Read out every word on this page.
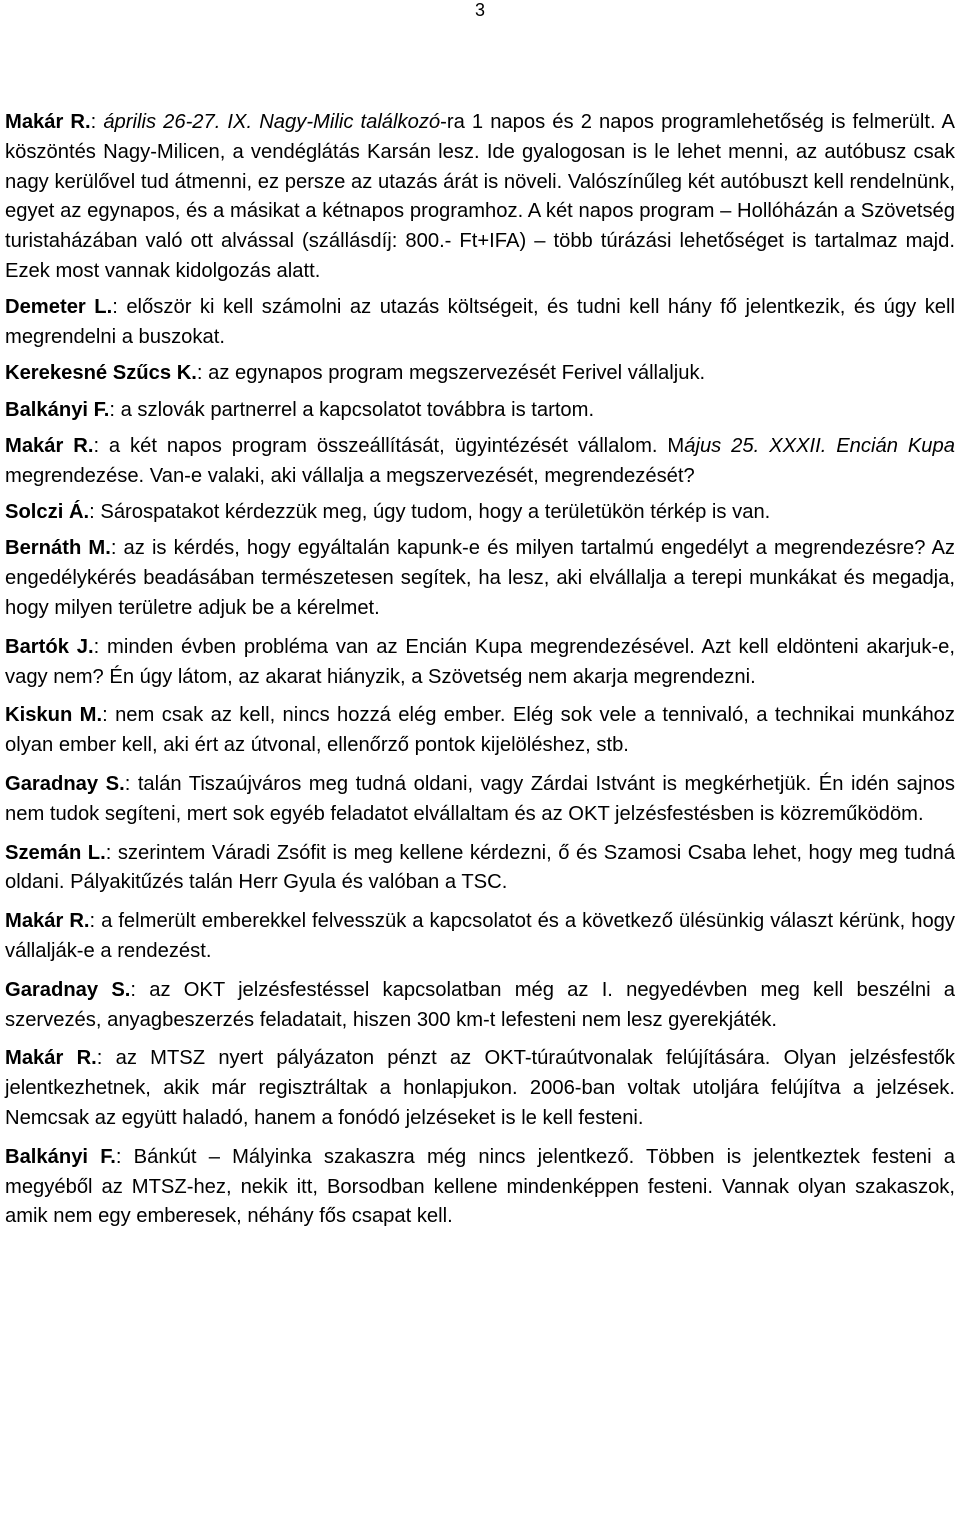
3

Makár R.: április 26-27. IX. Nagy-Milic találkozó-ra 1 napos és 2 napos programlehetőség is felmerült. A köszöntés Nagy-Milicen, a vendéglátás Karsán lesz. Ide gyalogosan is le lehet menni, az autóbusz csak nagy kerülővel tud átmenni, ez persze az utazás árát is növeli. Valószínűleg két autóbuszt kell rendelnünk, egyet az egynapos, és a másikat a kétnapos programhoz. A két napos program – Hollóházán a Szövetség turistaházában való ott alvással (szállásdíj: 800.- Ft+IFA) – több túrázási lehetőséget is tartalmaz majd. Ezek most vannak kidolgozás alatt.

Demeter L.: először ki kell számolni az utazás költségeit, és tudni kell hány fő jelentkezik, és úgy kell megrendelni a buszokat.

Kerekesné Szűcs K.: az egynapos program megszervezését Ferivel vállaljuk.

Balkányi F.: a szlovák partnerrel a kapcsolatot továbbra is tartom.

Makár R.: a két napos program összeállítását, ügyintézését vállalom. Május 25. XXXII. Encián Kupa megrendezése. Van-e valaki, aki vállalja a megszervezését, megrendezését?

Solczi Á.: Sárospatakot kérdezzük meg, úgy tudom, hogy a területükön térkép is van.

Bernáth M.: az is kérdés, hogy egyáltalán kapunk-e és milyen tartalmú engedélyt a megrendezésre? Az engedélykérés beadásában természetesen segítek, ha lesz, aki elvállalja a terepi munkákat és megadja, hogy milyen területre adjuk be a kérelmet.

Bartók J.: minden évben probléma van az Encián Kupa megrendezésével. Azt kell eldönteni akarjuk-e, vagy nem? Én úgy látom, az akarat hiányzik, a Szövetség nem akarja megrendezni.

Kiskun M.: nem csak az kell, nincs hozzá elég ember. Elég sok vele a tennivaló, a technikai munkához olyan ember kell, aki ért az útvonal, ellenőrző pontok kijelöléshez, stb.

Garadnay S.: talán Tiszaújváros meg tudná oldani, vagy Zárdai Istvánt is megkérhetjük. Én idén sajnos nem tudok segíteni, mert sok egyéb feladatot elvállaltam és az OKT jelzésfestésben is közreműködöm.

Szemán L.: szerintem Váradi Zsófit is meg kellene kérdezni, ő és Szamosi Csaba lehet, hogy meg tudná oldani. Pályakitűzés talán Herr Gyula és valóban a TSC.

Makár R.: a felmerült emberekkel felvesszük a kapcsolatot és a következő ülésünkig választ kérünk, hogy vállalják-e a rendezést.

Garadnay S.: az OKT jelzésfestéssel kapcsolatban még az I. negyedévben meg kell beszélni a szervezés, anyagbeszerzés feladatait, hiszen 300 km-t lefesteni nem lesz gyerekjáték.

Makár R.: az MTSZ nyert pályázaton pénzt az OKT-túraútvonalak felújítására. Olyan jelzésfestők jelentkezhetnek, akik már regisztráltak a honlapjukon. 2006-ban voltak utoljára felújítva a jelzések. Nemcsak az együtt haladó, hanem a fonódó jelzéseket is le kell festeni.

Balkányi F.: Bánkút – Mályinka szakaszra még nincs jelentkező. Többen is jelentkeztek festeni a megyéből az MTSZ-hez, nekik itt, Borsodban kellene mindenképpen festeni. Vannak olyan szakaszok, amik nem egy emberesek, néhány fős csapat kell.
